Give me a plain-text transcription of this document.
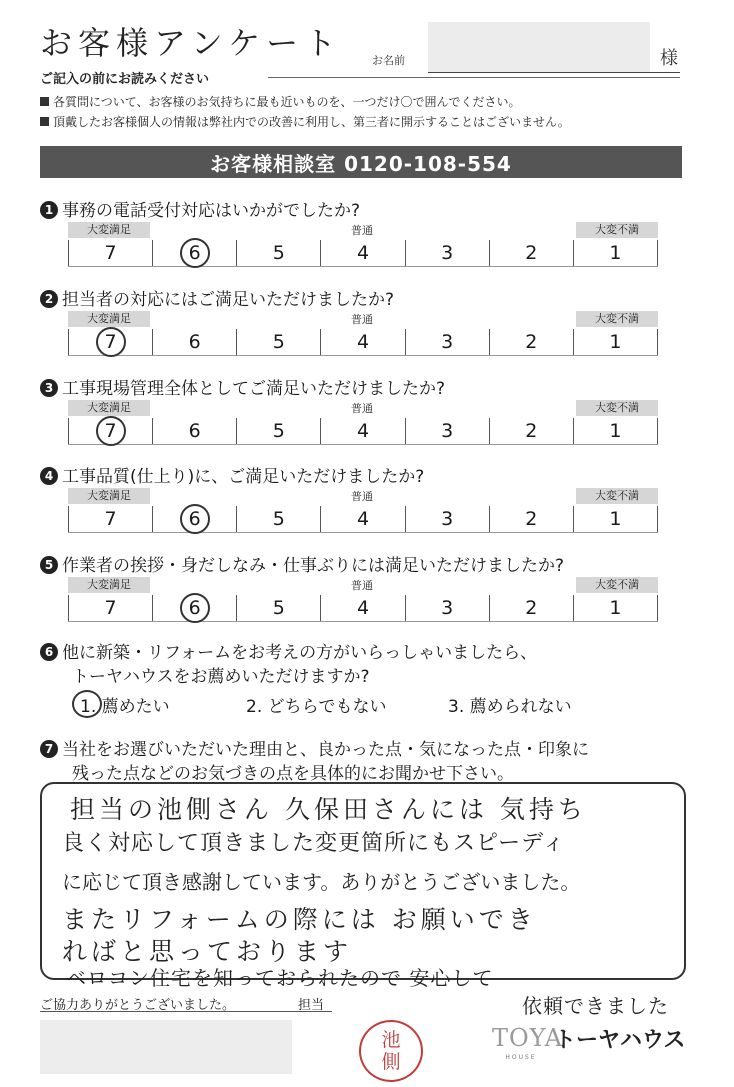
お客様アンケート	お名前	様
ご記入の前にお読みください
各質問について、お客様のお気持ちに最も近いものを、一つだけ〇で囲んでください。
頂戴したお客様個人の情報は弊社内での改善に利用し、第三者に開示することはございません。
お客様相談室 0120-108-554
1 事務の電話受付対応はいかがでしたか?
大変満足	普通	大変不満
7	6	5	4	3	2	1
2 担当者の対応にはご満足いただけましたか?
大変満足	普通	大変不満
7	6	5	4	3	2	1
3 工事現場管理全体としてご満足いただけましたか?
大変満足	普通	大変不満
7	6	5	4	3	2	1
4 工事品質(仕上り)に、ご満足いただけましたか?
大変満足	普通	大変不満
7	6	5	4	3	2	1
5 作業者の挨拶・身だしなみ・仕事ぶりには満足いただけましたか?
大変満足	普通	大変不満
7	6	5	4	3	2	1
6 他に新築・リフォームをお考えの方がいらっしゃいましたら、
トーヤハウスをお薦めいただけますか?
1. 薦めたい	2. どちらでもない	3. 薦められない
7 当社をお選びいただいた理由と、良かった点・気になった点・印象に
残った点などのお気づきの点を具体的にお聞かせ下さい。
担当の池側さん 久保田さんには 気持ち
良く対応して頂きました変更箇所にもスピーディ
に応じて頂き感謝しています。ありがとうございました。
またリフォームの際には お願いでき
ればと思っております
ベロコン住宅を知っておられたので 安心して
依頼できました
ご協力ありがとうございました。	担当
池
側
TOYA
HOUSE
トーヤハウス
